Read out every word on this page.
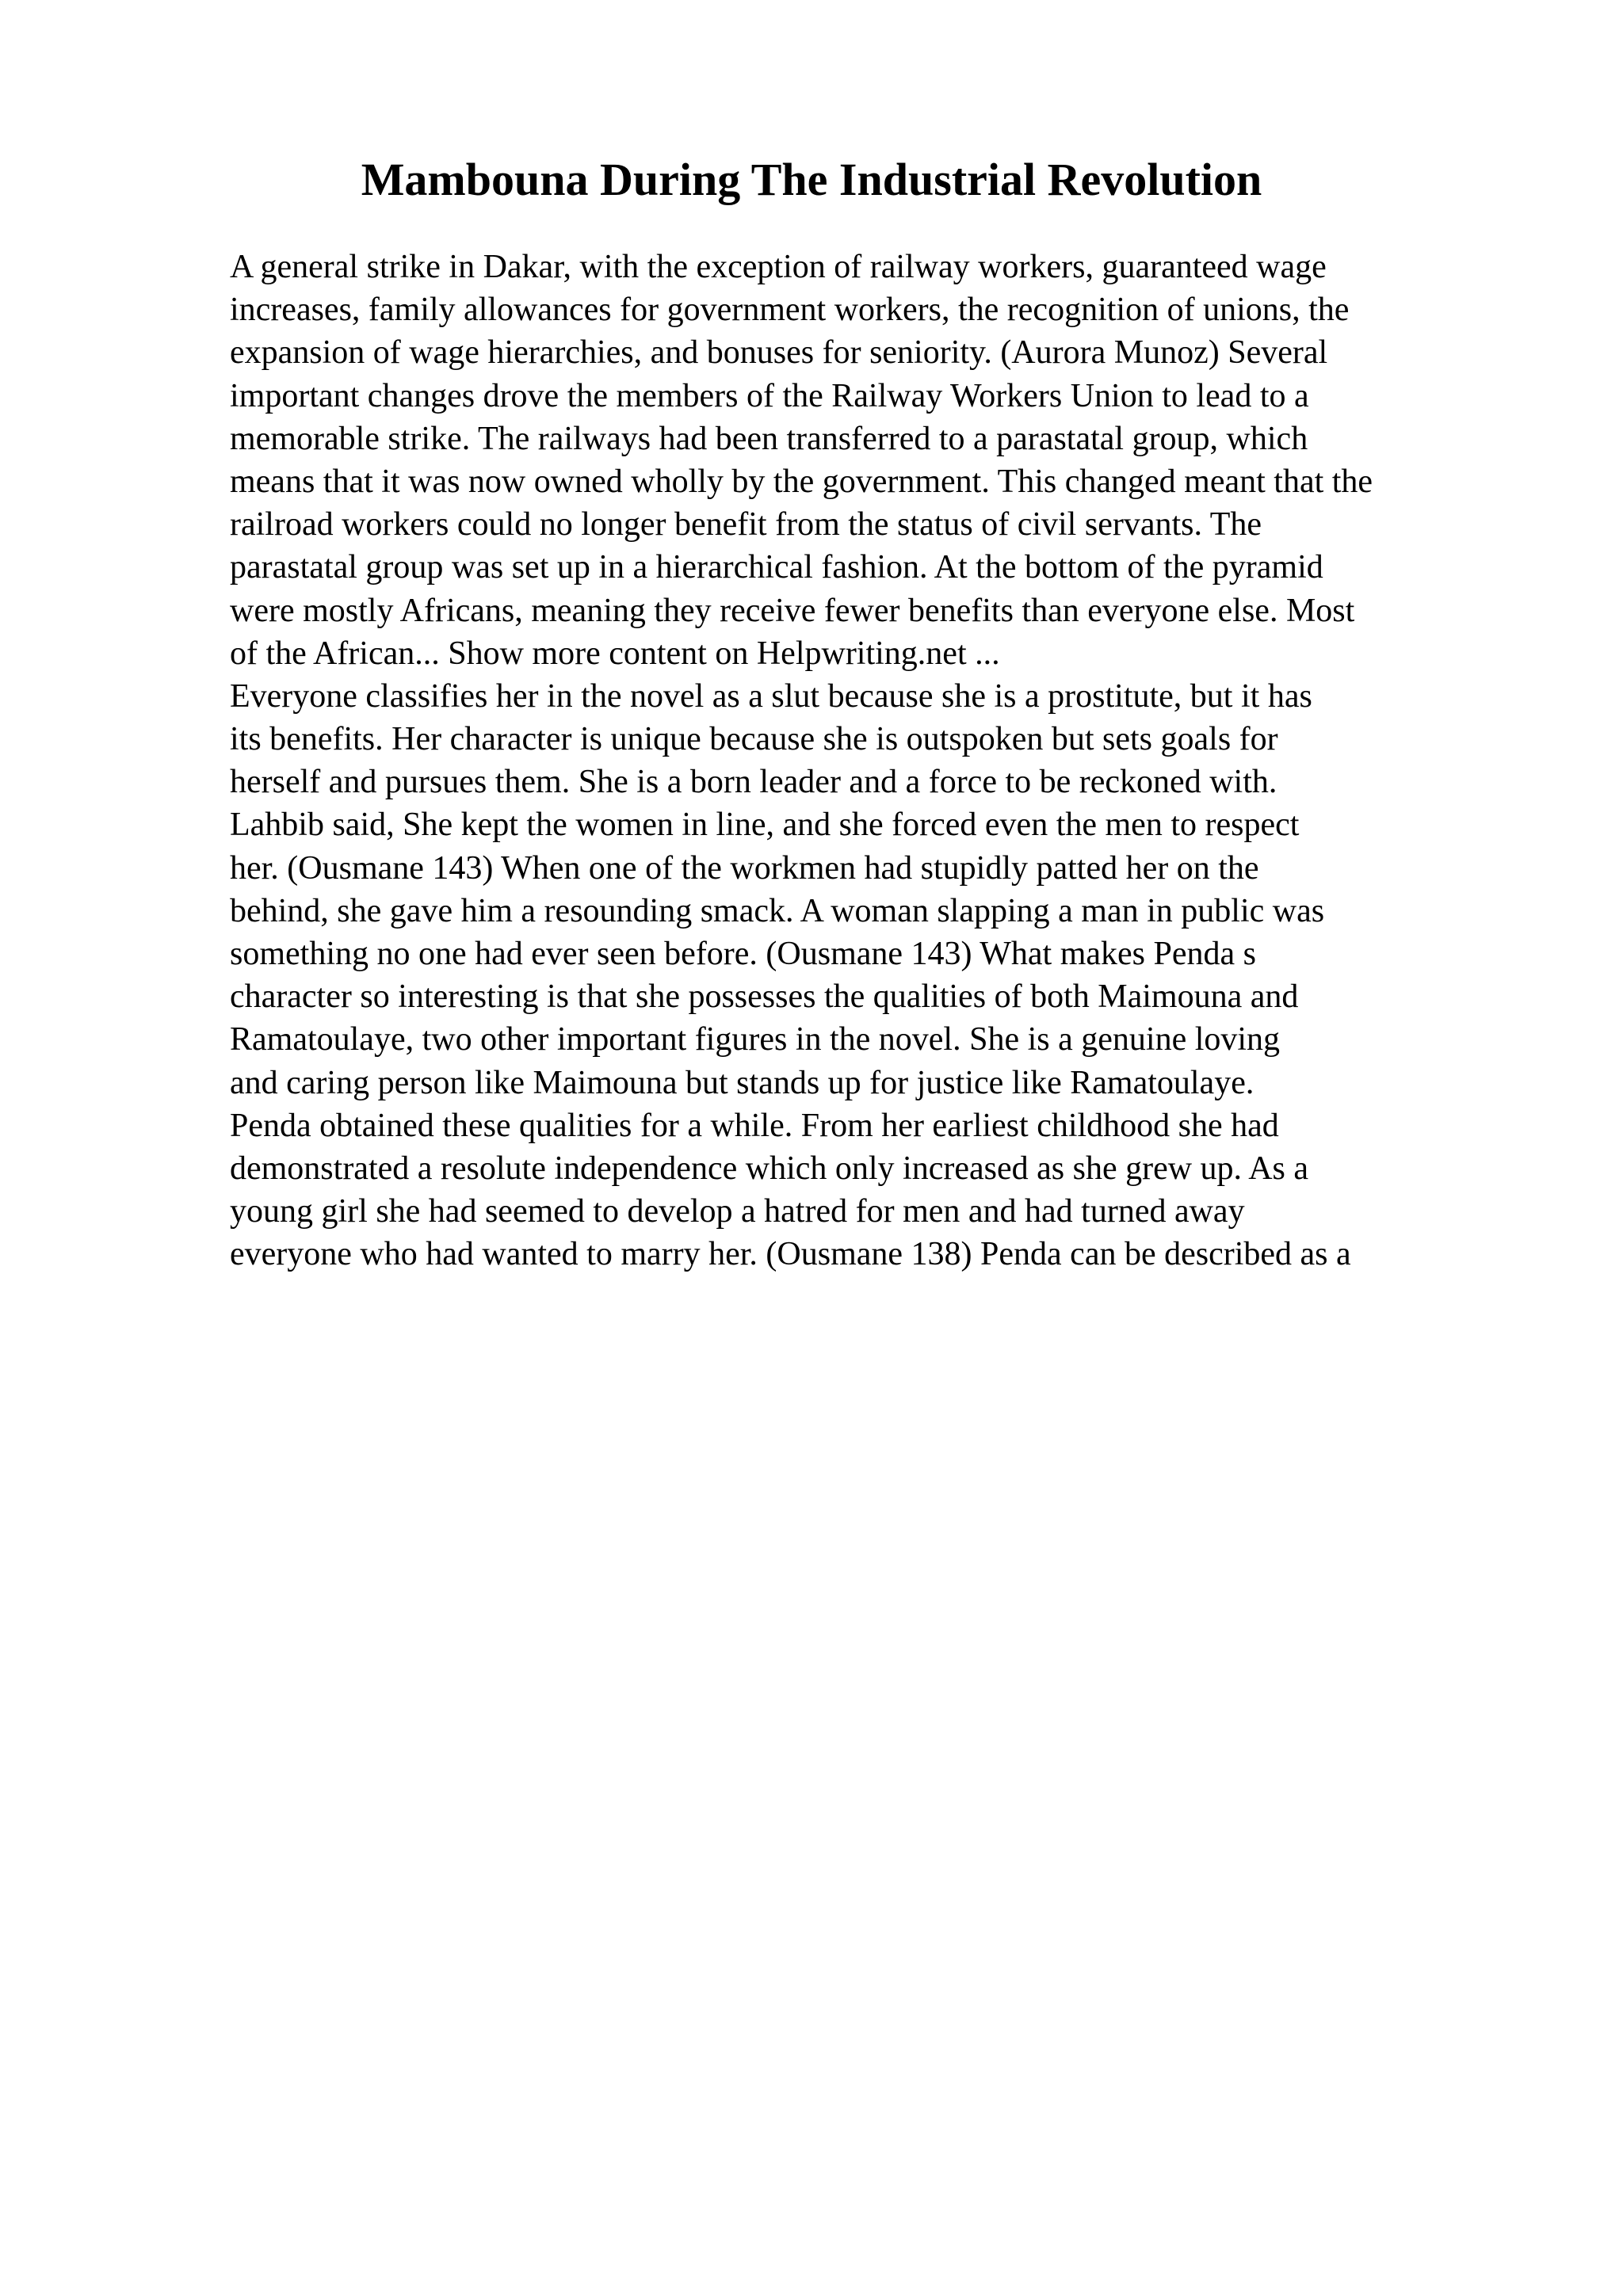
Mambouna During The Industrial Revolution
A general strike in Dakar, with the exception of railway workers, guaranteed wage
increases, family allowances for government workers, the recognition of unions, the
expansion of wage hierarchies, and bonuses for seniority. (Aurora Munoz) Several
important changes drove the members of the Railway Workers Union to lead to a
memorable strike. The railways had been transferred to a parastatal group, which
means that it was now owned wholly by the government. This changed meant that the
railroad workers could no longer benefit from the status of civil servants. The
parastatal group was set up in a hierarchical fashion. At the bottom of the pyramid
were mostly Africans, meaning they receive fewer benefits than everyone else. Most
of the African... Show more content on Helpwriting.net ...
Everyone classifies her in the novel as a slut because she is a prostitute, but it has
its benefits. Her character is unique because she is outspoken but sets goals for
herself and pursues them. She is a born leader and a force to be reckoned with.
Lahbib said, She kept the women in line, and she forced even the men to respect
her. (Ousmane 143) When one of the workmen had stupidly patted her on the
behind, she gave him a resounding smack. A woman slapping a man in public was
something no one had ever seen before. (Ousmane 143) What makes Penda s
character so interesting is that she possesses the qualities of both Maimouna and
Ramatoulaye, two other important figures in the novel. She is a genuine loving
and caring person like Maimouna but stands up for justice like Ramatoulaye.
Penda obtained these qualities for a while. From her earliest childhood she had
demonstrated a resolute independence which only increased as she grew up. As a
young girl she had seemed to develop a hatred for men and had turned away
everyone who had wanted to marry her. (Ousmane 138) Penda can be described as a
